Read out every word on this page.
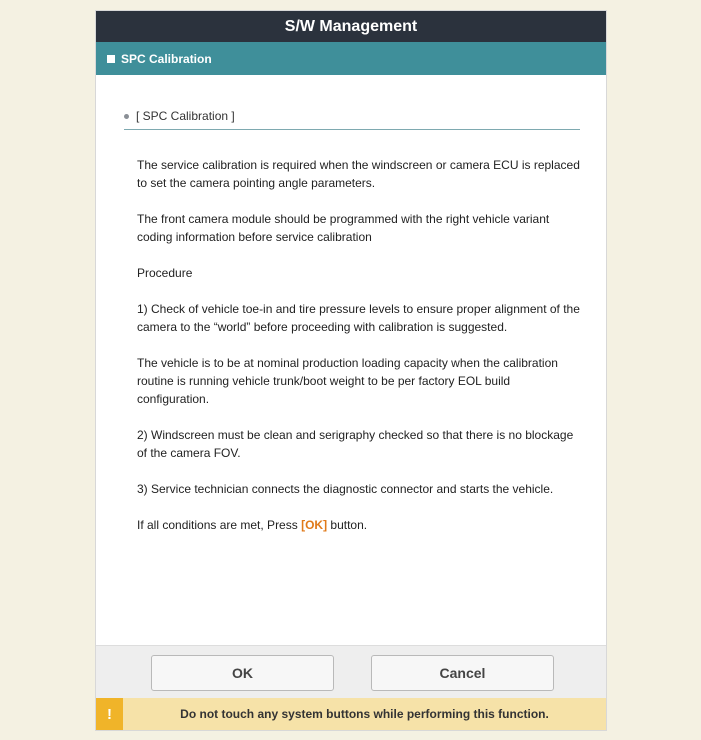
S/W Management
SPC Calibration
[ SPC Calibration ]

The service calibration is required when the windscreen or camera ECU is replaced to set the camera pointing angle parameters.

The front camera module should be programmed with the right vehicle variant coding information before service calibration

Procedure

1) Check of vehicle toe-in and tire pressure levels to ensure proper alignment of the camera to the “world” before proceeding with calibration is suggested.

The vehicle is to be at nominal production loading capacity when the calibration routine is running vehicle trunk/boot weight to be per factory EOL build configuration.

2) Windscreen must be clean and serigraphy checked so that there is no blockage of the camera FOV.

3) Service technician connects the diagnostic connector and starts the vehicle.

If all conditions are met, Press [OK] button.

OK	Cancel
!	Do not touch any system buttons while performing this function.
